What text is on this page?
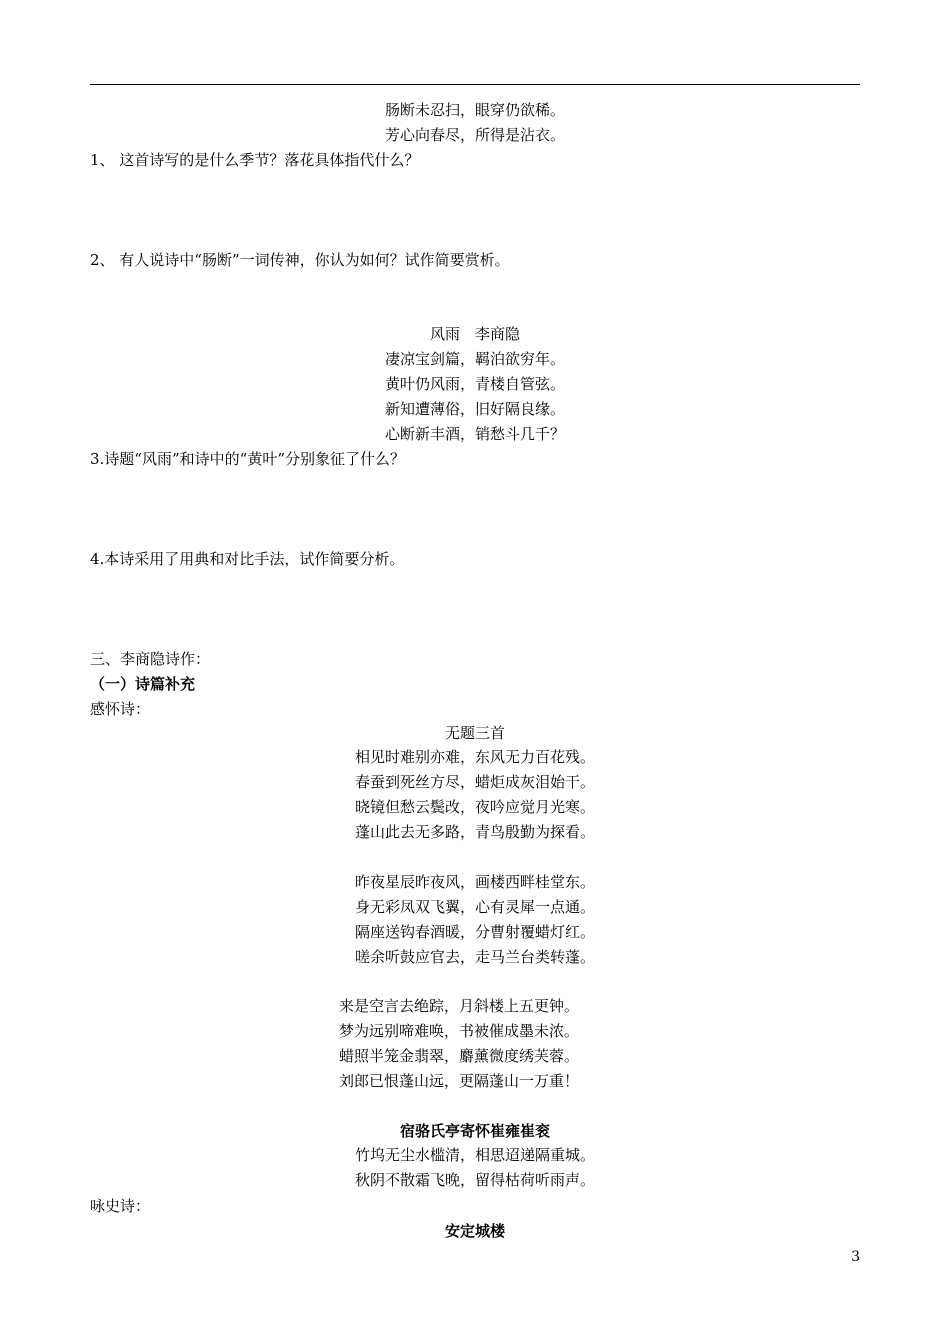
肠断未忍扫，眼穿仍欲稀。
芳心向春尽，所得是沾衣。
1、 这首诗写的是什么季节？落花具体指代什么？
2、 有人说诗中“肠断”一词传神，你认为如何？试作简要赏析。
风雨　李商隐
凄凉宝剑篇，羁泊欲穷年。
黄叶仍风雨，青楼自管弦。
新知遭薄俗，旧好隔良缘。
心断新丰酒，销愁斗几千？
3.诗题“风雨”和诗中的“黄叶”分别象征了什么？
4.本诗采用了用典和对比手法，试作简要分析。
三、李商隐诗作：
（一）诗篇补充
感怀诗：
无题三首
相见时难别亦难，东风无力百花残。
春蚕到死丝方尽，蜡炬成灰泪始干。
晓镜但愁云鬓改，夜吟应觉月光寒。
蓬山此去无多路，青鸟殷勤为探看。
昨夜星辰昨夜风，画楼西畔桂堂东。
身无彩凤双飞翼，心有灵犀一点通。
隔座送钩春酒暖，分曹射覆蜡灯红。
嗟余听鼓应官去，走马兰台类转蓬。
来是空言去绝踪，月斜楼上五更钟。
梦为远别啼难唤，书被催成墨未浓。
蜡照半笼金翡翠，麝薰微度绣芙蓉。
刘郎已恨蓬山远，更隔蓬山一万重！
宿骆氏亭寄怀崔雍崔衮
竹坞无尘水槛清，相思迢递隔重城。
秋阴不散霜飞晚，留得枯荷听雨声。
咏史诗：
安定城楼
3
